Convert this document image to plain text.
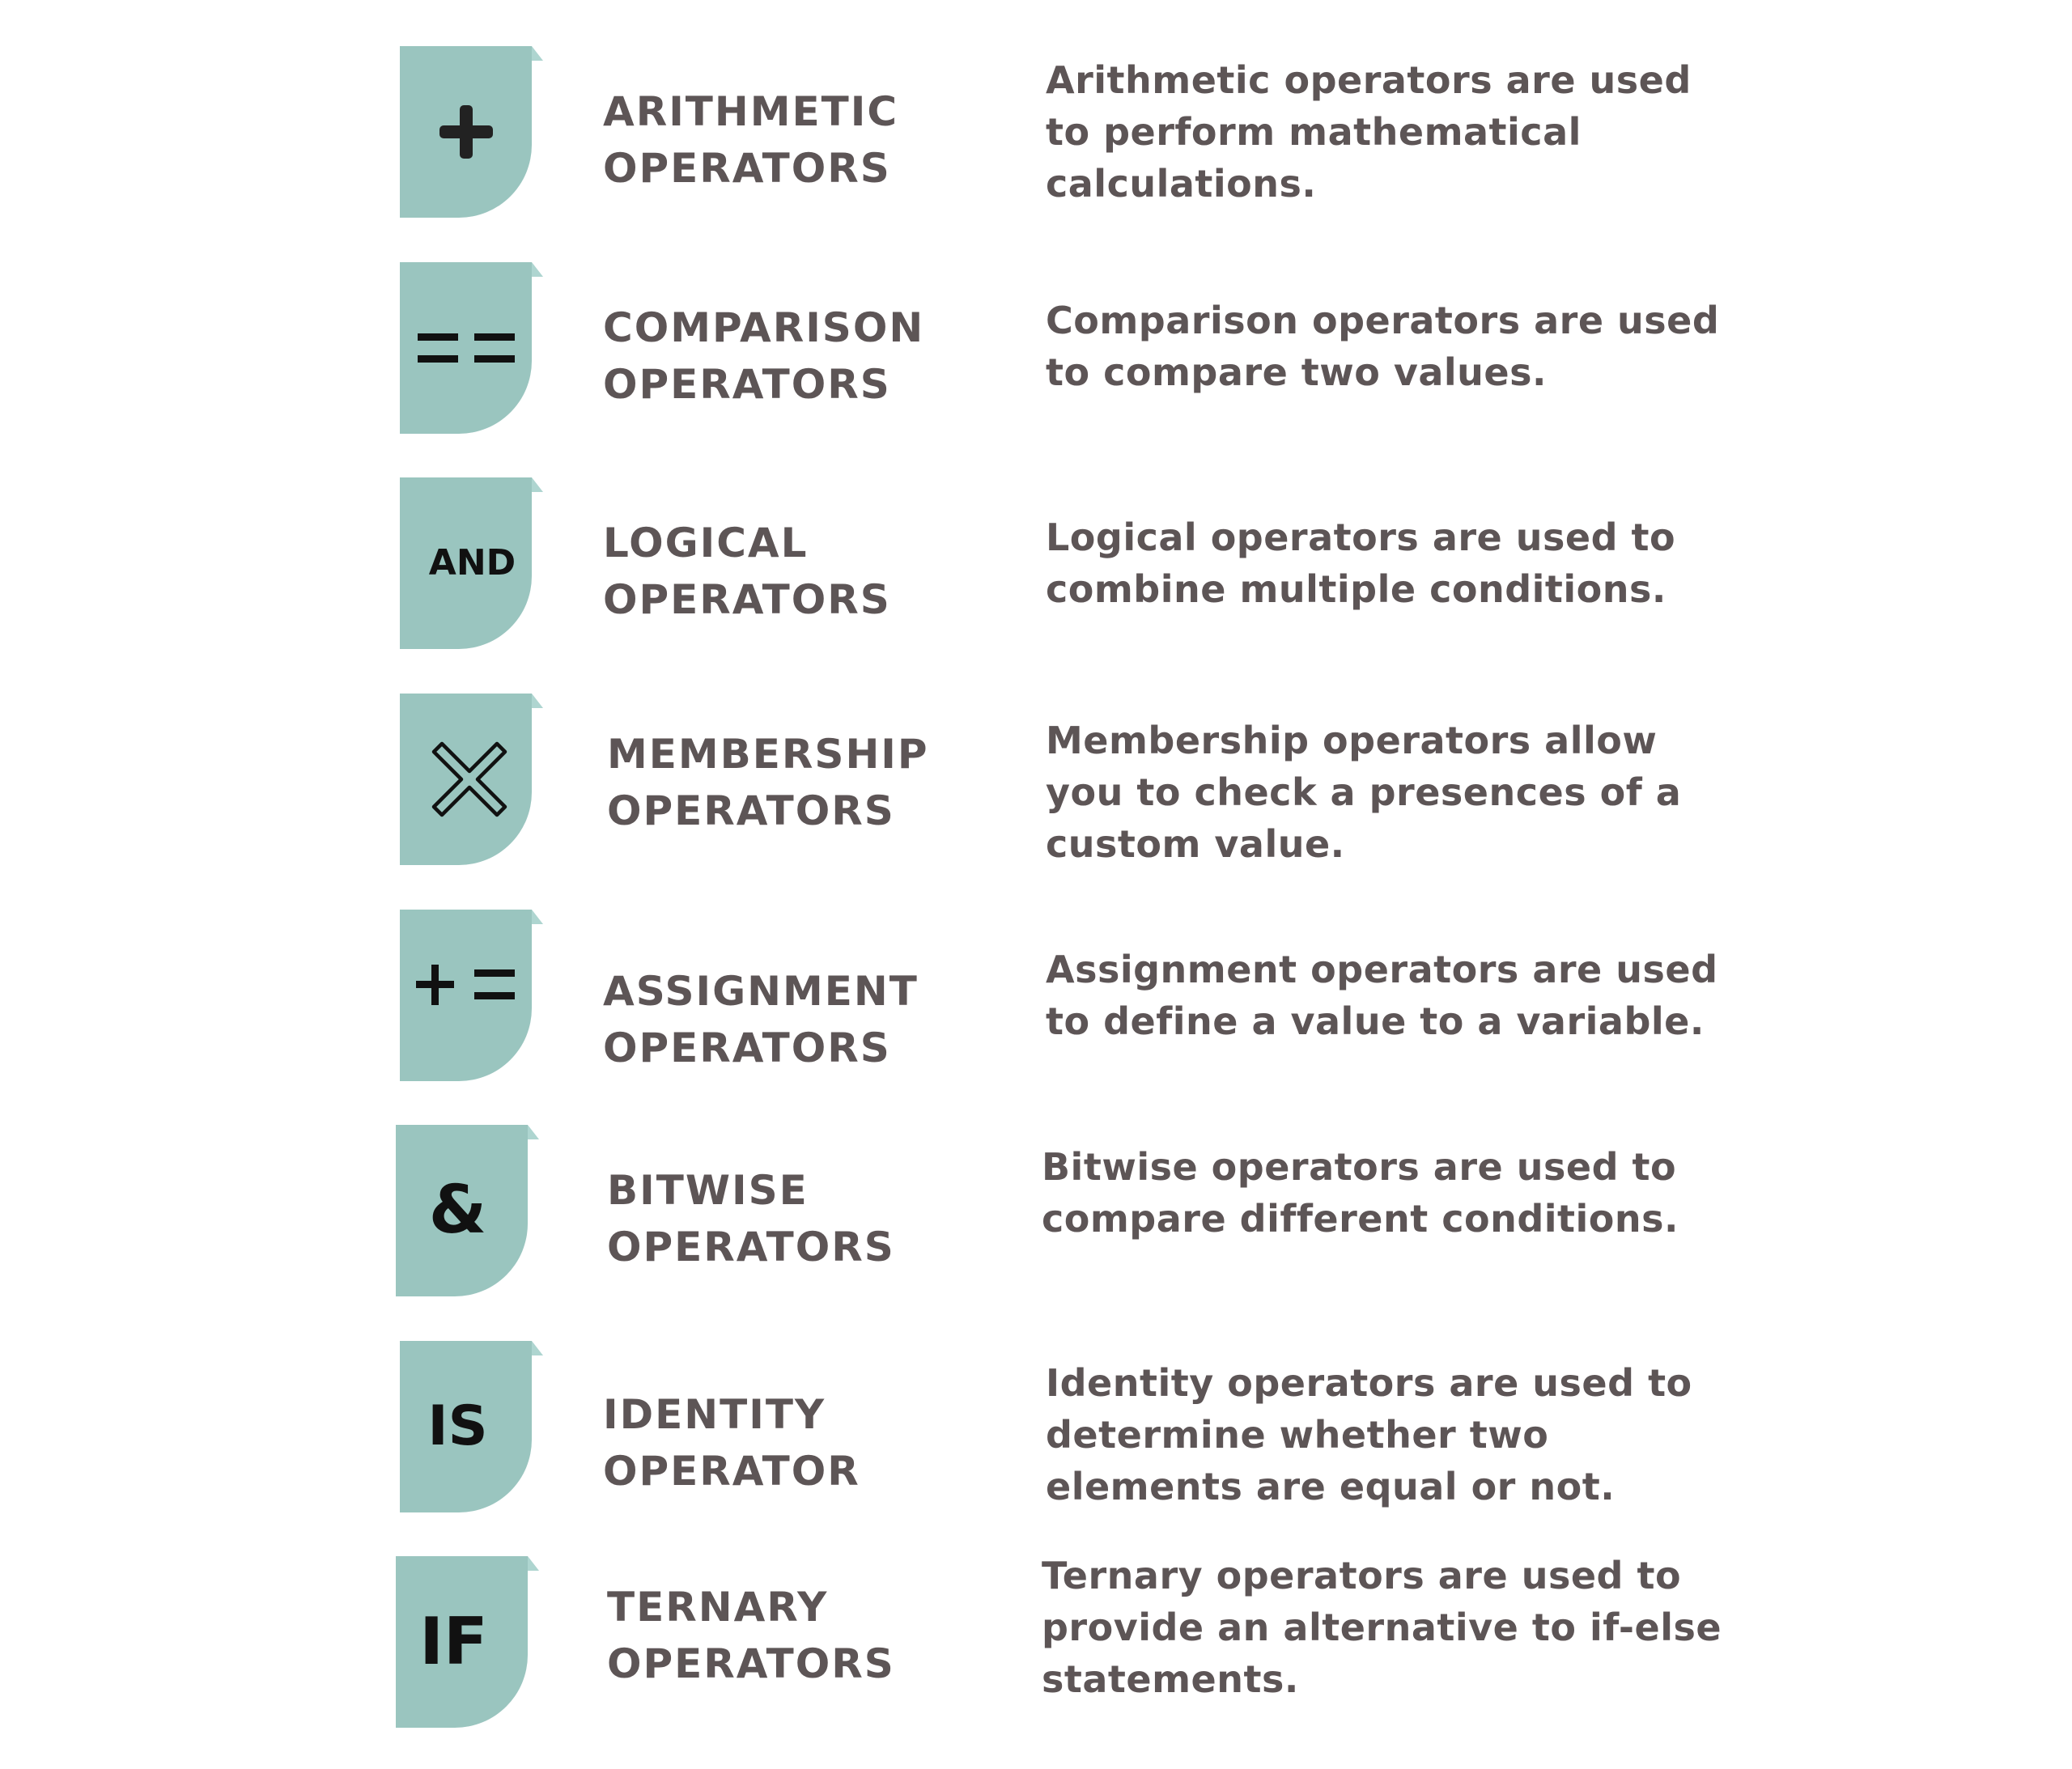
ARITHMETIC
OPERATORS
Arithmetic operators are used
to perform mathematical
calculations.
COMPARISON
OPERATORS
Comparison operators are used
to compare two values.
AND	LOGICAL
OPERATORS
Logical operators are used to
combine multiple conditions.
MEMBERSHIP
OPERATORS
Membership operators allow
you to check a presences of a
custom value.
ASSIGNMENT
OPERATORS
Assignment operators are used
to define a value to a variable.
&	BITWISE
OPERATORS
Bitwise operators are used to
compare different conditions.
IS	IDENTITY
OPERATOR
Identity operators are used to
determine whether two
elements are equal or not.
IF	TERNARY
OPERATORS
Ternary operators are used to
provide an alternative to if-else
statements.
